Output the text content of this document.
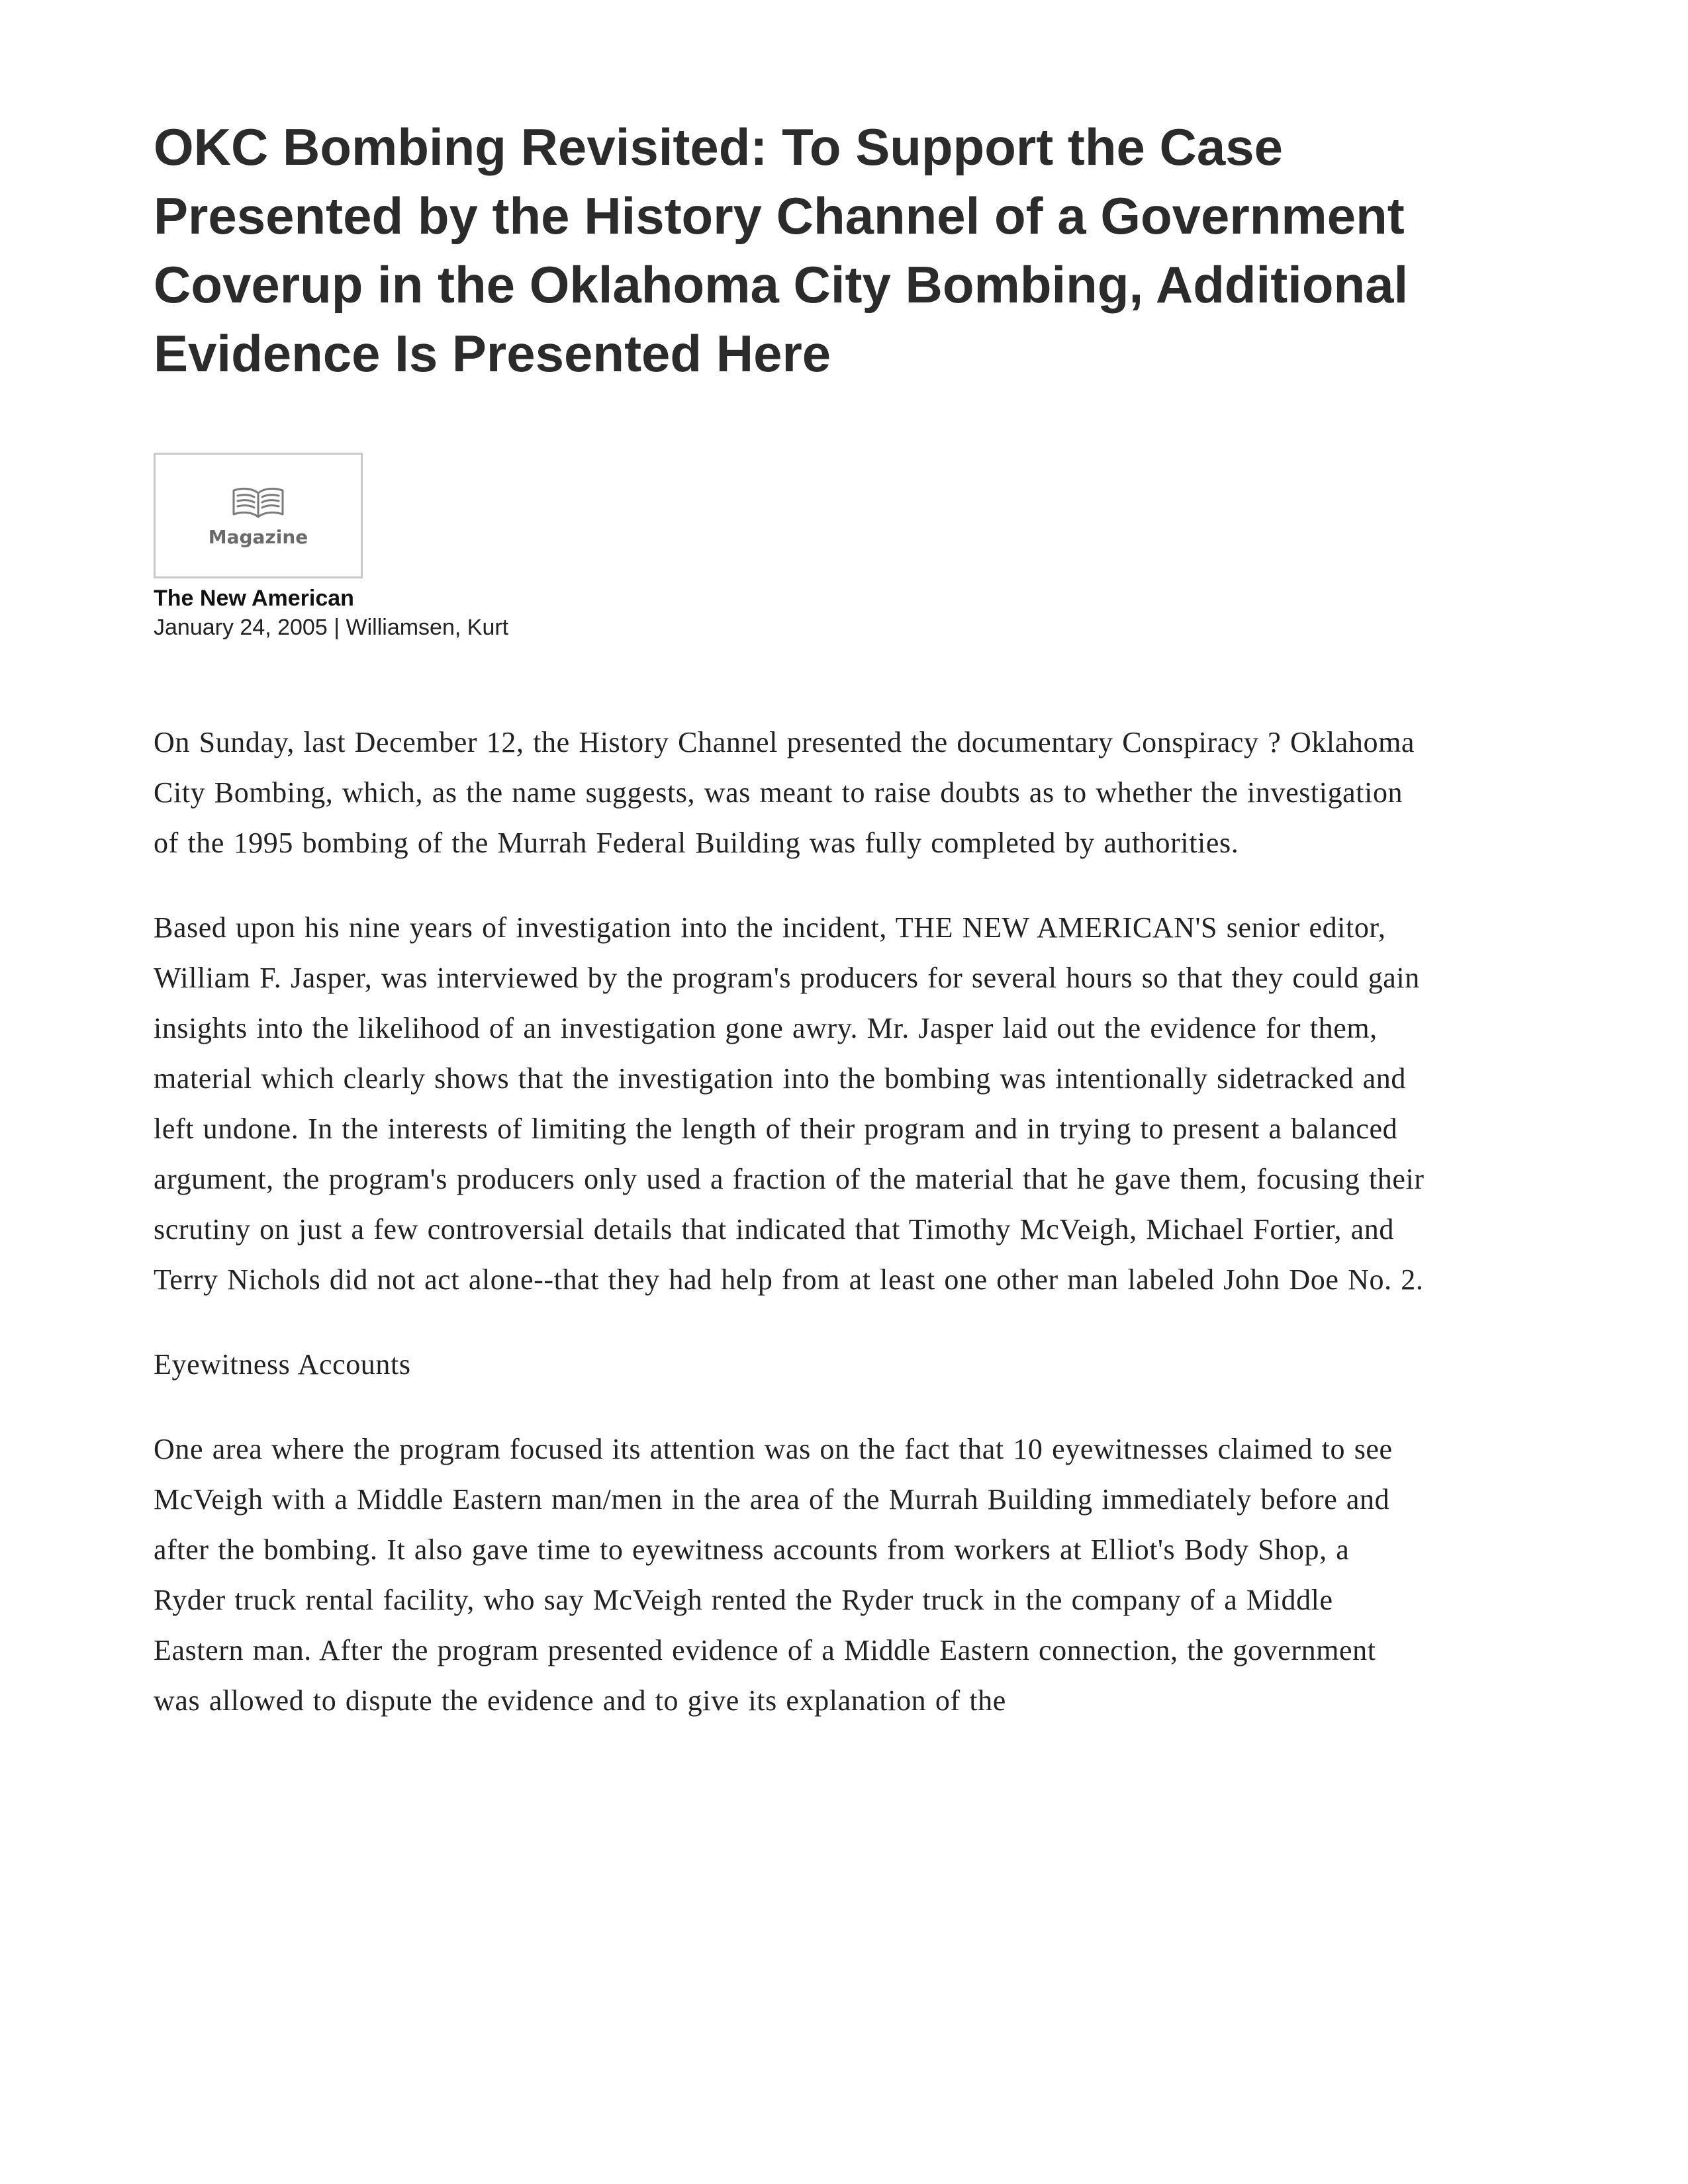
OKC Bombing Revisited: To Support the Case Presented by the History Channel of a Government Coverup in the Oklahoma City Bombing, Additional Evidence Is Presented Here
Magazine
The New American
January 24, 2005 | Williamsen, Kurt

On Sunday, last December 12, the History Channel presented the documentary Conspiracy ? Oklahoma City Bombing, which, as the name suggests, was meant to raise doubts as to whether the investigation of the 1995 bombing of the Murrah Federal Building was fully completed by authorities.

Based upon his nine years of investigation into the incident, THE NEW AMERICAN'S senior editor, William F. Jasper, was interviewed by the program's producers for several hours so that they could gain insights into the likelihood of an investigation gone awry. Mr. Jasper laid out the evidence for them, material which clearly shows that the investigation into the bombing was intentionally sidetracked and left undone. In the interests of limiting the length of their program and in trying to present a balanced argument, the program's producers only used a fraction of the material that he gave them, focusing their scrutiny on just a few controversial details that indicated that Timothy McVeigh, Michael Fortier, and Terry Nichols did not act alone--that they had help from at least one other man labeled John Doe No. 2.

Eyewitness Accounts

One area where the program focused its attention was on the fact that 10 eyewitnesses claimed to see McVeigh with a Middle Eastern man/men in the area of the Murrah Building immediately before and after the bombing. It also gave time to eyewitness accounts from workers at Elliot's Body Shop, a Ryder truck rental facility, who say McVeigh rented the Ryder truck in the company of a Middle Eastern man. After the program presented evidence of a Middle Eastern connection, the government was allowed to dispute the evidence and to give its explanation of the
